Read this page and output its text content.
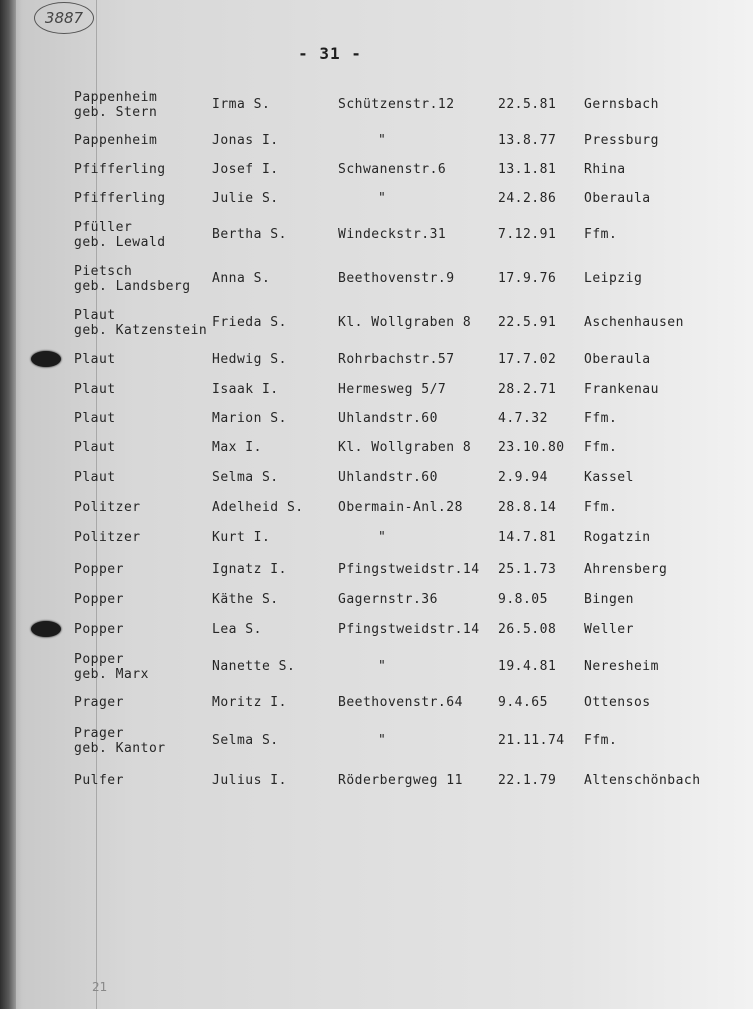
3887
- 31 -
21
Pappenheim	Irma S.	Schützenstr.12	22.5.81 Gernsbach
geb. Stern
Pappenheim	Jonas I.	"	13.8.77 Pressburg
Pfifferling	Josef I.	Schwanenstr.6	13.1.81 Rhina
Pfifferling	Julie S.	"	24.2.86 Oberaula
Pfüller	Bertha S.	Windeckstr.31	7.12.91 Ffm.
geb. Lewald
Pietsch	Anna S.	Beethovenstr.9	17.9.76 Leipzig
geb. Landsberg
Plaut	Frieda S.	Kl. Wollgraben 8 22.5.91 Aschenhausen
geb. Katzenstein
Plaut	Hedwig S.	Rohrbachstr.57	17.7.02 Oberaula
Plaut	Isaak I.	Hermesweg 5/7	28.2.71 Frankenau
Plaut	Marion S.	Uhlandstr.60	4.7.32	Ffm.
Plaut	Max I.	Kl. Wollgraben 8 23.10.80 Ffm.
Plaut	Selma S.	Uhlandstr.60	2.9.94	Kassel
Politzer	Adelheid S.	Obermain-Anl.28	28.8.14 Ffm.
Politzer	Kurt I.	"	14.7.81 Rogatzin
Popper	Ignatz I.	Pfingstweidstr.14 25.1.73 Ahrensberg
Popper	Käthe S.	Gagernstr.36	9.8.05	Bingen
Popper	Lea S.	Pfingstweidstr.14 26.5.08 Weller
Popper	Nanette S.	"	19.4.81 Neresheim
geb. Marx
Prager	Moritz I.	Beethovenstr.64	9.4.65	Ottensos
Prager	Selma S.	"	21.11.74 Ffm.
geb. Kantor
Pulfer	Julius I.	Röderbergweg 11	22.1.79 Altenschönbach
